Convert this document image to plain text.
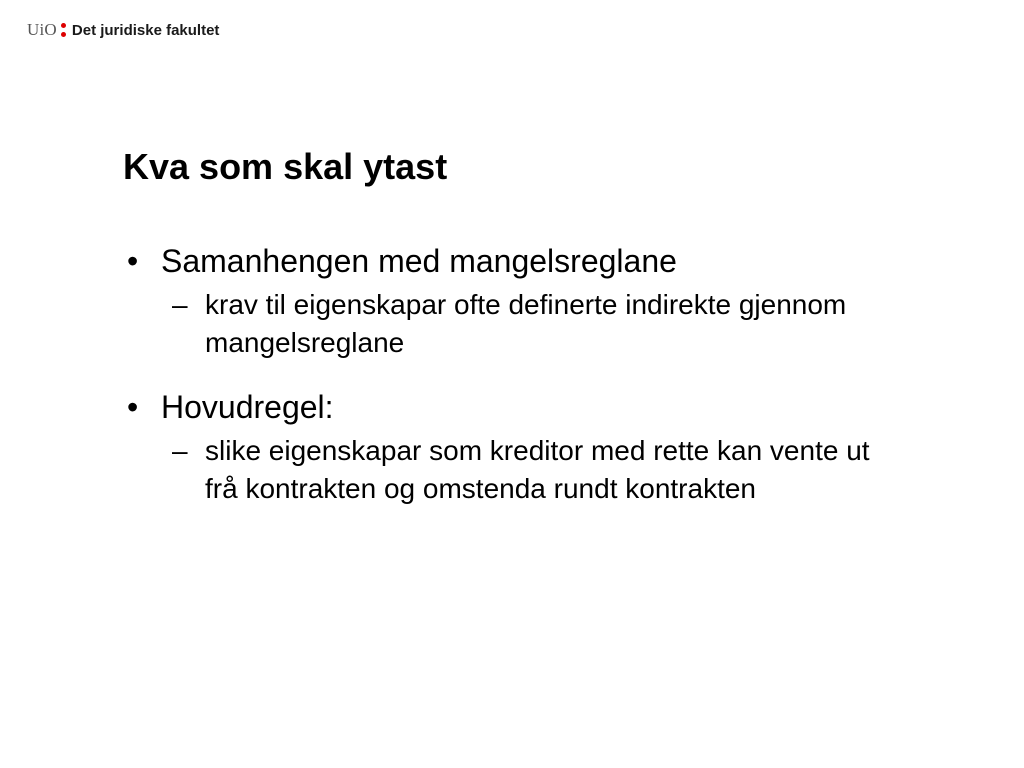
UiO Det juridiske fakultet
Kva som skal ytast
• Samanhengen med mangelsreglane
– krav til eigenskapar ofte definerte indirekte gjennom mangelsreglane
• Hovudregel:
– slike eigenskapar som kreditor med rette kan vente ut frå kontrakten og omstenda rundt kontrakten
